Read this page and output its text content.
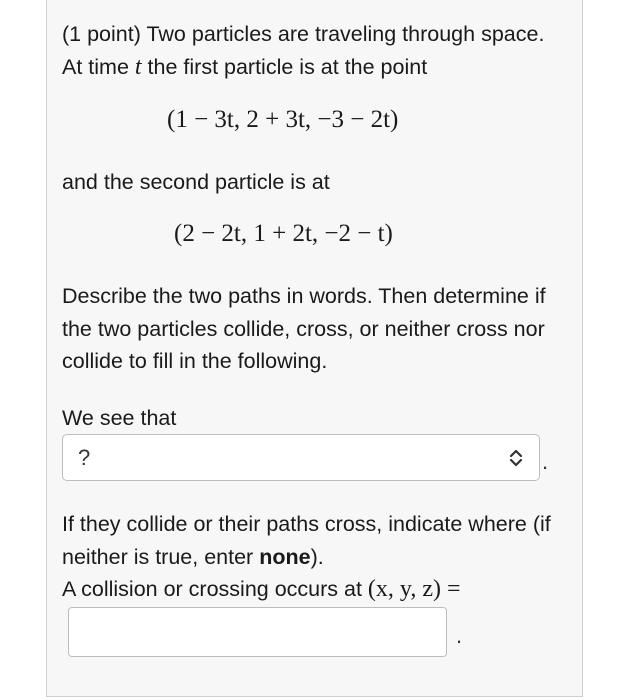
(1 point) Two particles are traveling through space. At time t the first particle is at the point
(1 − 3t, 2 + 3t, −3 − 2t)
and the second particle is at
(2 − 2t, 1 + 2t, −2 − t)
Describe the two paths in words. Then determine if the two particles collide, cross, or neither cross nor collide to fill in the following.
We see that
?	.
If they collide or their paths cross, indicate where (if neither is true, enter none).
A collision or crossing occurs at (x, y, z) =
.
